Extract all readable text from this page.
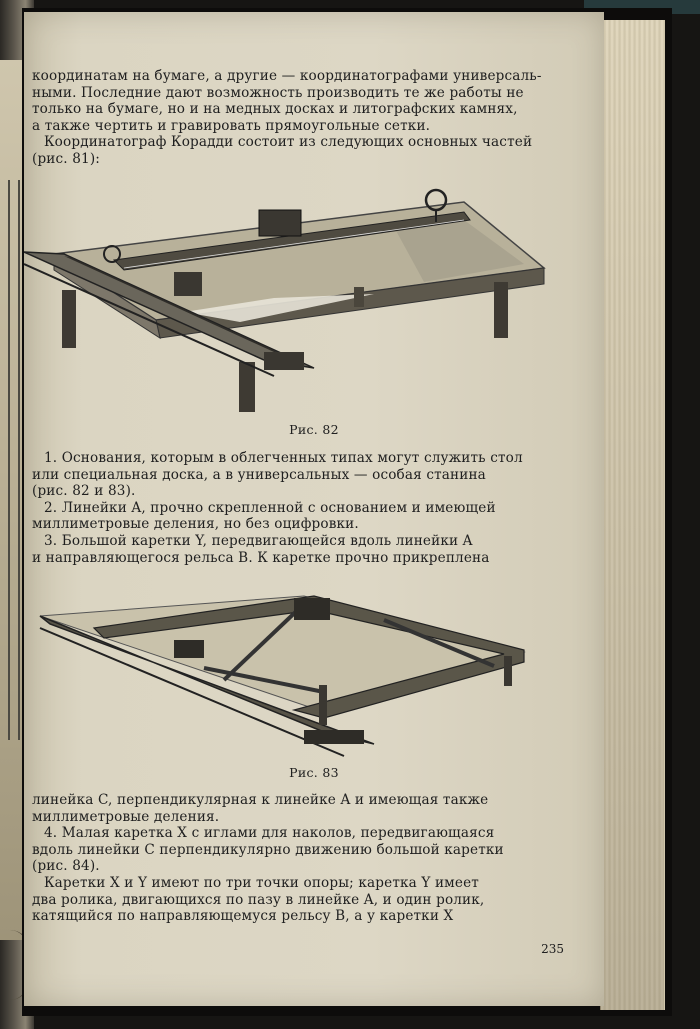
координатам на бумаге, а другие — координатографами универсаль-

ными. Последние дают возможность производить те же работы не

только на бумаге, но и на медных досках и литографских камнях,

а также чертить и гравировать прямоугольные сетки.

Координатограф Корадди состоит из следующих основных частей

(рис. 81):

Рис. 82

1. Основания, которым в облегченных типах могут служить стол

или специальная доска, а в универсальных — особая станина

(рис. 82 и 83).

2. Линейки A, прочно скрепленной с основанием и имеющей

миллиметровые деления, но без оцифровки.

3. Большой каретки Y, передвигающейся вдоль линейки A

и направляющегося рельса B. К каретке прочно прикреплена

Рис. 83

линейка C, перпендикулярная к линейке A и имеющая также

миллиметровые деления.

4. Малая каретка X с иглами для наколов, передвигающаяся

вдоль линейки C перпендикулярно движению большой каретки

(рис. 84).

Каретки X и Y имеют по три точки опоры; каретка Y имеет

два ролика, двигающихся по пазу в линейке A, и один ролик,

катящийся по направляющемуся рельсу B, а у каретки X

235
